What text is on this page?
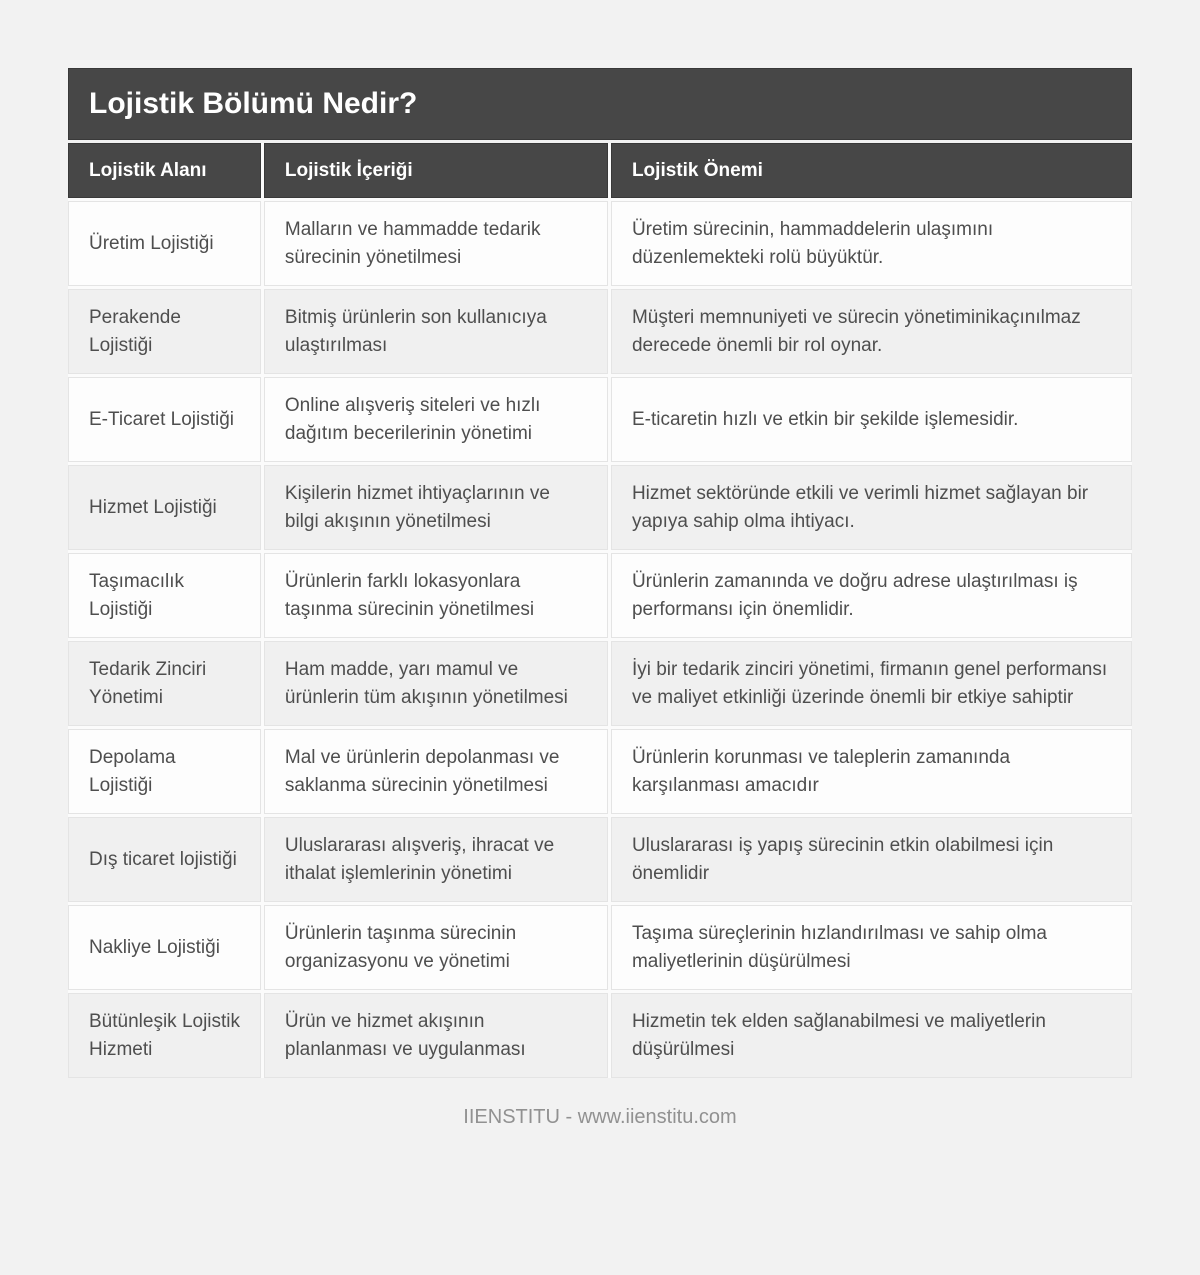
Lojistik Bölümü Nedir?
Lojistik Alanı	Lojistik İçeriği	Lojistik Önemi
Üretim Lojistiği
Malların ve hammadde tedarik sürecinin yönetilmesi
Üretim sürecinin, hammaddelerin ulaşımını düzenlemekteki rolü büyüktür.
Perakende Lojistiği
Bitmiş ürünlerin son kullanıcıya ulaştırılması
Müşteri memnuniyeti ve sürecin yönetiminikaçınılmaz derecede önemli bir rol oynar.
E-Ticaret Lojistiği
Online alışveriş siteleri ve hızlı dağıtım becerilerinin yönetimi
E-ticaretin hızlı ve etkin bir şekilde işlemesidir.
Hizmet Lojistiği
Kişilerin hizmet ihtiyaçlarının ve bilgi akışının yönetilmesi
Hizmet sektöründe etkili ve verimli hizmet sağlayan bir yapıya sahip olma ihtiyacı.
Taşımacılık Lojistiği
Ürünlerin farklı lokasyonlara taşınma sürecinin yönetilmesi
Ürünlerin zamanında ve doğru adrese ulaştırılması iş performansı için önemlidir.
Tedarik Zinciri Yönetimi
Ham madde, yarı mamul ve ürünlerin tüm akışının yönetilmesi
İyi bir tedarik zinciri yönetimi, firmanın genel performansı ve maliyet etkinliği üzerinde önemli bir etkiye sahiptir
Depolama Lojistiği
Mal ve ürünlerin depolanması ve saklanma sürecinin yönetilmesi
Ürünlerin korunması ve taleplerin zamanında karşılanması amacıdır
Dış ticaret lojistiği
Uluslararası alışveriş, ihracat ve ithalat işlemlerinin yönetimi
Uluslararası iş yapış sürecinin etkin olabilmesi için önemlidir
Nakliye Lojistiği
Ürünlerin taşınma sürecinin organizasyonu ve yönetimi
Taşıma süreçlerinin hızlandırılması ve sahip olma maliyetlerinin düşürülmesi
Bütünleşik Lojistik Hizmeti
Ürün ve hizmet akışının planlanması ve uygulanması
Hizmetin tek elden sağlanabilmesi ve maliyetlerin düşürülmesi
IIENSTITU - www.iienstitu.com
